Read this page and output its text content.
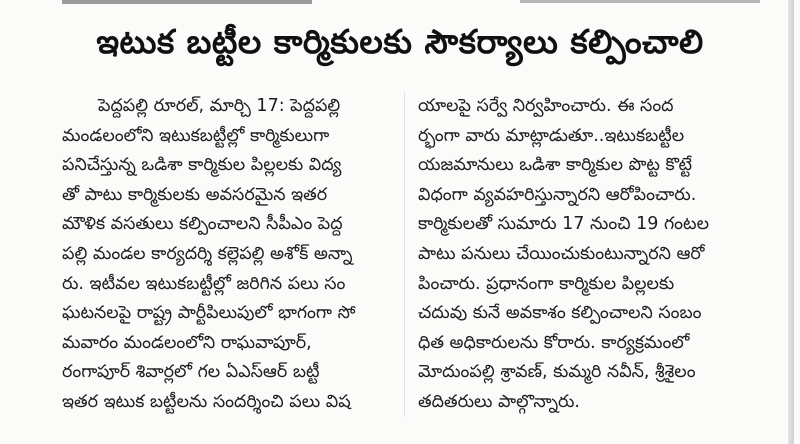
ఇటుక బట్టీల కార్మికులకు సౌకర్యాలు కల్పించాలి
పెద్దపల్లి రూరల్, మార్చి 17: పెద్దపల్లి
మండలంలోని ఇటుకబట్టీల్లో కార్మికులుగా
పనిచేస్తున్న ఒడిశా కార్మికుల పిల్లలకు విద్య
తో పాటు కార్మికులకు అవసరమైన ఇతర
మౌళిక వసతులు కల్పించాలని సీపీఎం పెద్ద
పల్లి మండల కార్యదర్శి కల్లెపల్లి అశోక్ అన్నా
రు. ఇటీవల ఇటుకబట్టీల్లో జరిగిన పలు సం
ఘటనలపై రాష్ట్ర పార్టీపిలుపులో భాగంగా సో
మవారం మండలంలోని రాఘవాపూర్,
రంగాపూర్ శివార్లలో గల ఏఎస్‌ఆర్ బట్టీ
ఇతర ఇటుక బట్టీలను సందర్శించి పలు విష
యాలపై సర్వే నిర్వహించారు. ఈ సంద
ర్భంగా వారు మాట్లాడుతూ..ఇటుకబట్టీల
యజమానులు ఒడిశా కార్మికుల పొట్ట కొట్టే
విధంగా వ్యవహరిస్తున్నారని ఆరోపించారు.
కార్మికులతో సుమారు 17 నుంచి 19 గంటల
పాటు పనులు చేయించుకుంటున్నారని ఆరో
పించారు. ప్రధానంగా కార్మికుల పిల్లలకు
చదువు కునే అవకాశం కల్పించాలని సంబం
ధిత అధికారులను కోరారు. కార్యక్రమంలో
మోదుంపల్లి శ్రావణ్, కుమ్మరి నవీన్, శ్రీశైలం
తదితరులు పాల్గొన్నారు.
